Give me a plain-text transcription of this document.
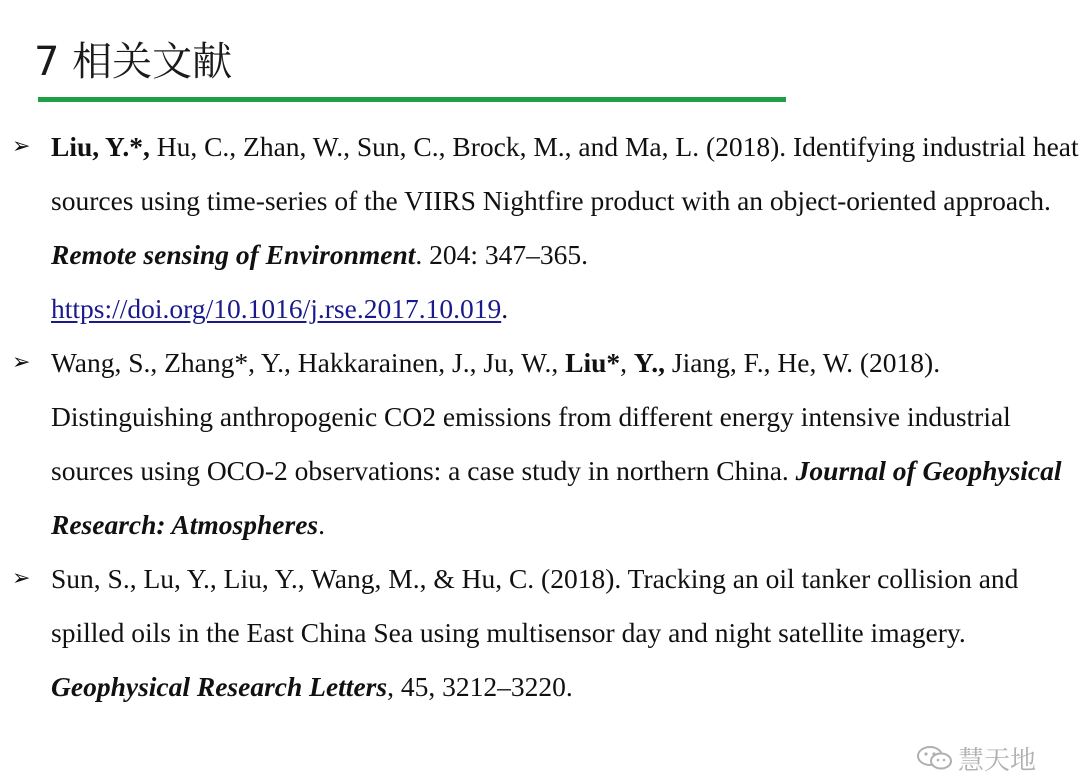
7 相关文献
➢ Liu, Y.*, Hu, C., Zhan, W., Sun, C., Brock, M., and Ma, L. (2018). Identifying industrial heat sources using time-series of the VIIRS Nightfire product with an object-oriented approach. Remote sensing of Environment. 204: 347–365.
https://doi.org/10.1016/j.rse.2017.10.019.
➢ Wang, S., Zhang*, Y., Hakkarainen, J., Ju, W., Liu*, Y., Jiang, F., He, W. (2018). Distinguishing anthropogenic CO2 emissions from different energy intensive industrial sources using OCO-2 observations: a case study in northern China. Journal of Geophysical Research: Atmospheres.
➢ Sun, S., Lu, Y., Liu, Y., Wang, M., & Hu, C. (2018). Tracking an oil tanker collision and spilled oils in the East China Sea using multisensor day and night satellite imagery. Geophysical Research Letters, 45, 3212–3220.
慧天地
